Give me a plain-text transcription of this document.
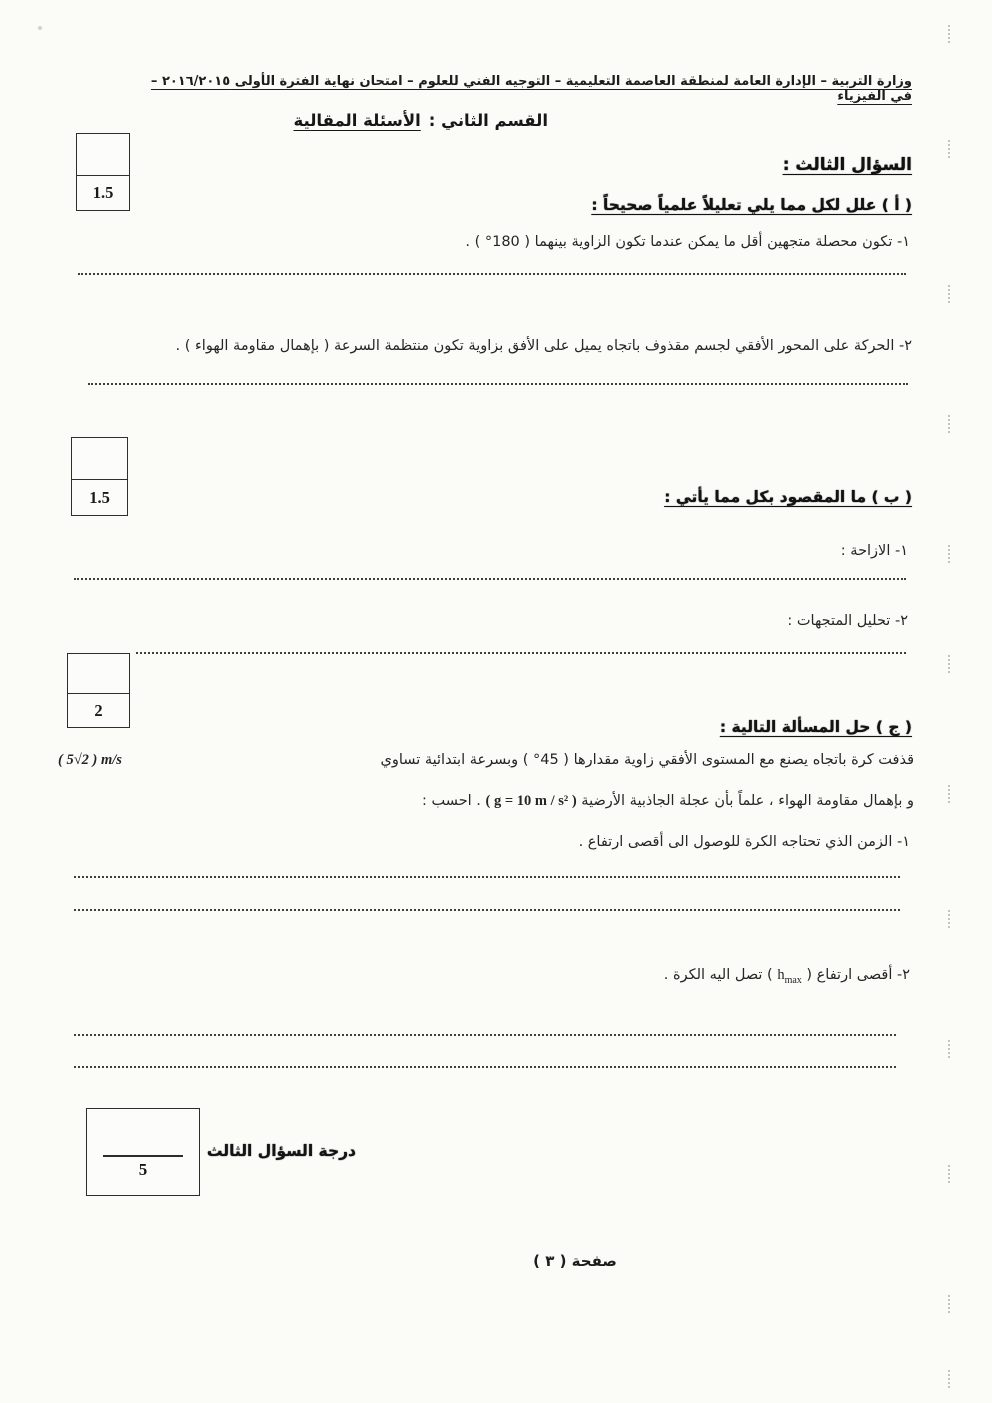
وزارة التربية – الإدارة العامة لمنطقة العاصمة التعليمية – التوجيه الفني للعلوم – امتحان نهاية الفترة الأولى ٢٠١٦/٢٠١٥ – في الفيزياء
القسم الثاني :
الأسئلة المقالية
السؤال الثالث :
1.5
( أ ) علل لكل مما يلي تعليلاً علمياً صحيحاً :
١- تكون محصلة متجهين أقل ما يمكن عندما تكون الزاوية بينهما ( 180° ) .
٢- الحركة على المحور الأفقي لجسم مقذوف باتجاه يميل على الأفق بزاوية تكون منتظمة السرعة ( بإهمال مقاومة الهواء ) .
1.5	( ب ) ما المقصود بكل مما يأتي :
١- الازاحة :
٢- تحليل المتجهات :
2
( ج ) حل المسألة التالية :
قذفت كرة باتجاه يصنع مع المستوى الأفقي زاوية مقدارها ( 45° ) وبسرعة ابتدائية تساوي
( 5√2 ) m/s
و بإهمال مقاومة الهواء ، علماً بأن عجلة الجاذبية الأرضية ( g = 10 m / s² ) . احسب :
١- الزمن الذي تحتاجه الكرة للوصول الى أقصى ارتفاع .
٢- أقصى ارتفاع ( $h_{max}$ ) تصل اليه الكرة .
5
درجة السؤال الثالث
صفحة ( ٣ )
